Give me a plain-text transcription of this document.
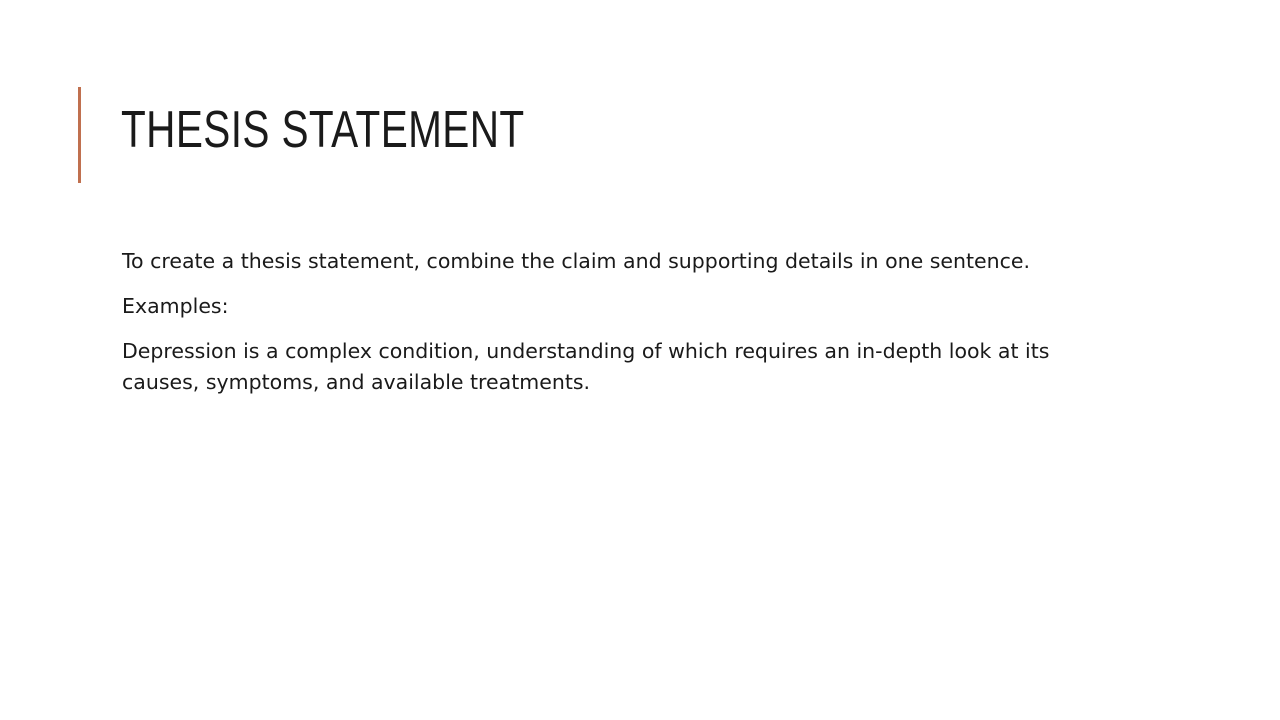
THESIS STATEMENT

To create a thesis statement, combine the claim and supporting details in one sentence.

Examples:

Depression is a complex condition, understanding of which requires an in-depth look at its causes, symptoms, and available treatments.
